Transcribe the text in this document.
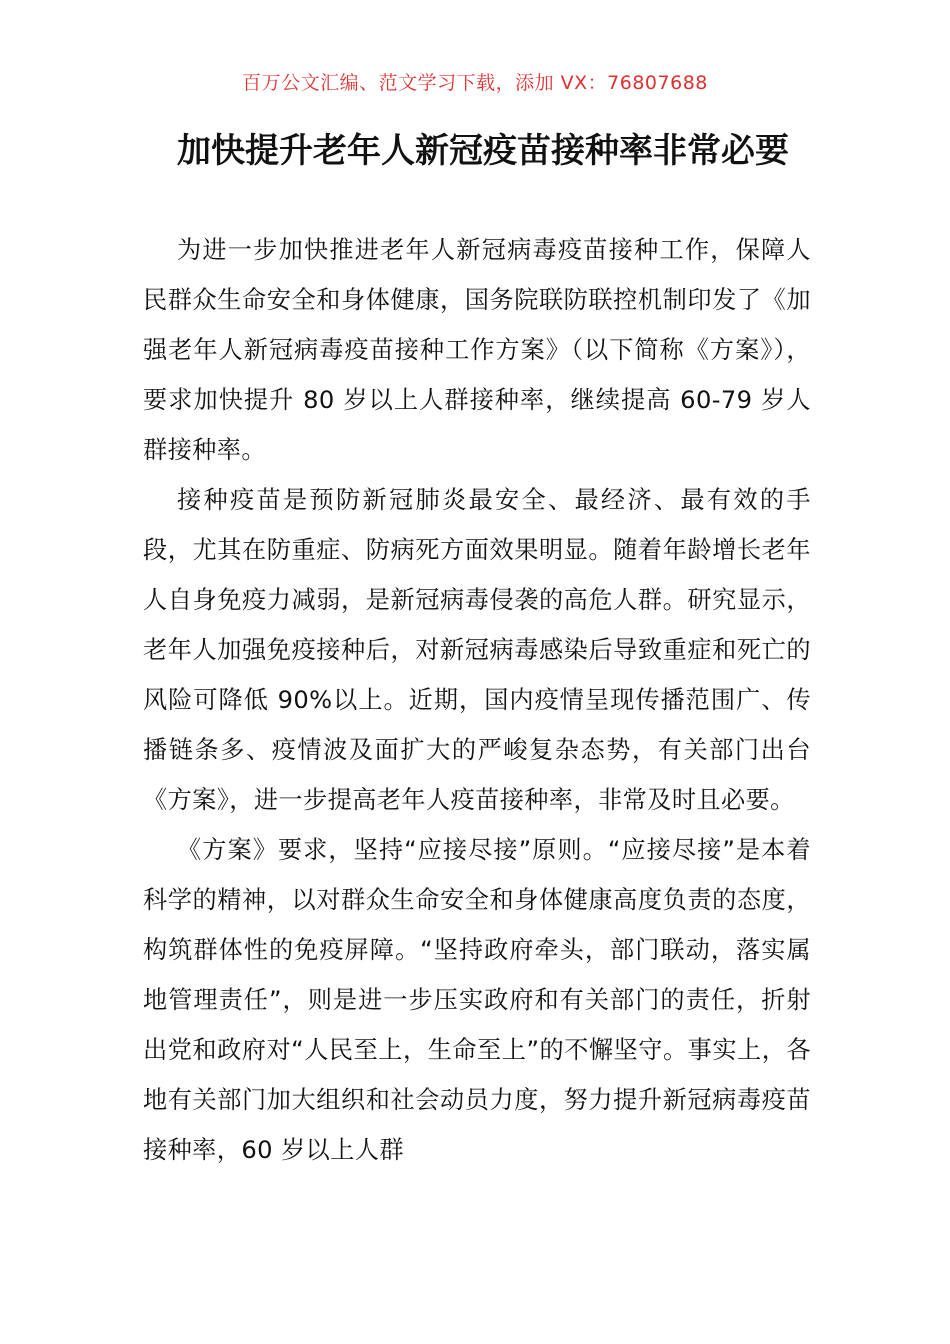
百万公文汇编、范文学习下载，添加 VX：76807688
加快提升老年人新冠疫苗接种率非常必要

为进一步加快推进老年人新冠病毒疫苗接种工作，保障人民群众生命安全和身体健康，国务院联防联控机制印发了《加强老年人新冠病毒疫苗接种工作方案》（以下简称《方案》），要求加快提升 80 岁以上人群接种率，继续提高 60-79 岁人群接种率。

接种疫苗是预防新冠肺炎最安全、最经济、最有效的手段，尤其在防重症、防病死方面效果明显。随着年龄增长老年人自身免疫力减弱，是新冠病毒侵袭的高危人群。研究显示，老年人加强免疫接种后，对新冠病毒感染后导致重症和死亡的风险可降低 90%以上。近期，国内疫情呈现传播范围广、传播链条多、疫情波及面扩大的严峻复杂态势，有关部门出台《方案》，进一步提高老年人疫苗接种率，非常及时且必要。

《方案》要求，坚持“应接尽接”原则。“应接尽接”是本着科学的精神，以对群众生命安全和身体健康高度负责的态度，构筑群体性的免疫屏障。“坚持政府牵头，部门联动，落实属地管理责任”，则是进一步压实政府和有关部门的责任，折射出党和政府对“人民至上，生命至上”的不懈坚守。事实上，各地有关部门加大组织和社会动员力度，努力提升新冠病毒疫苗接种率，60 岁以上人群
